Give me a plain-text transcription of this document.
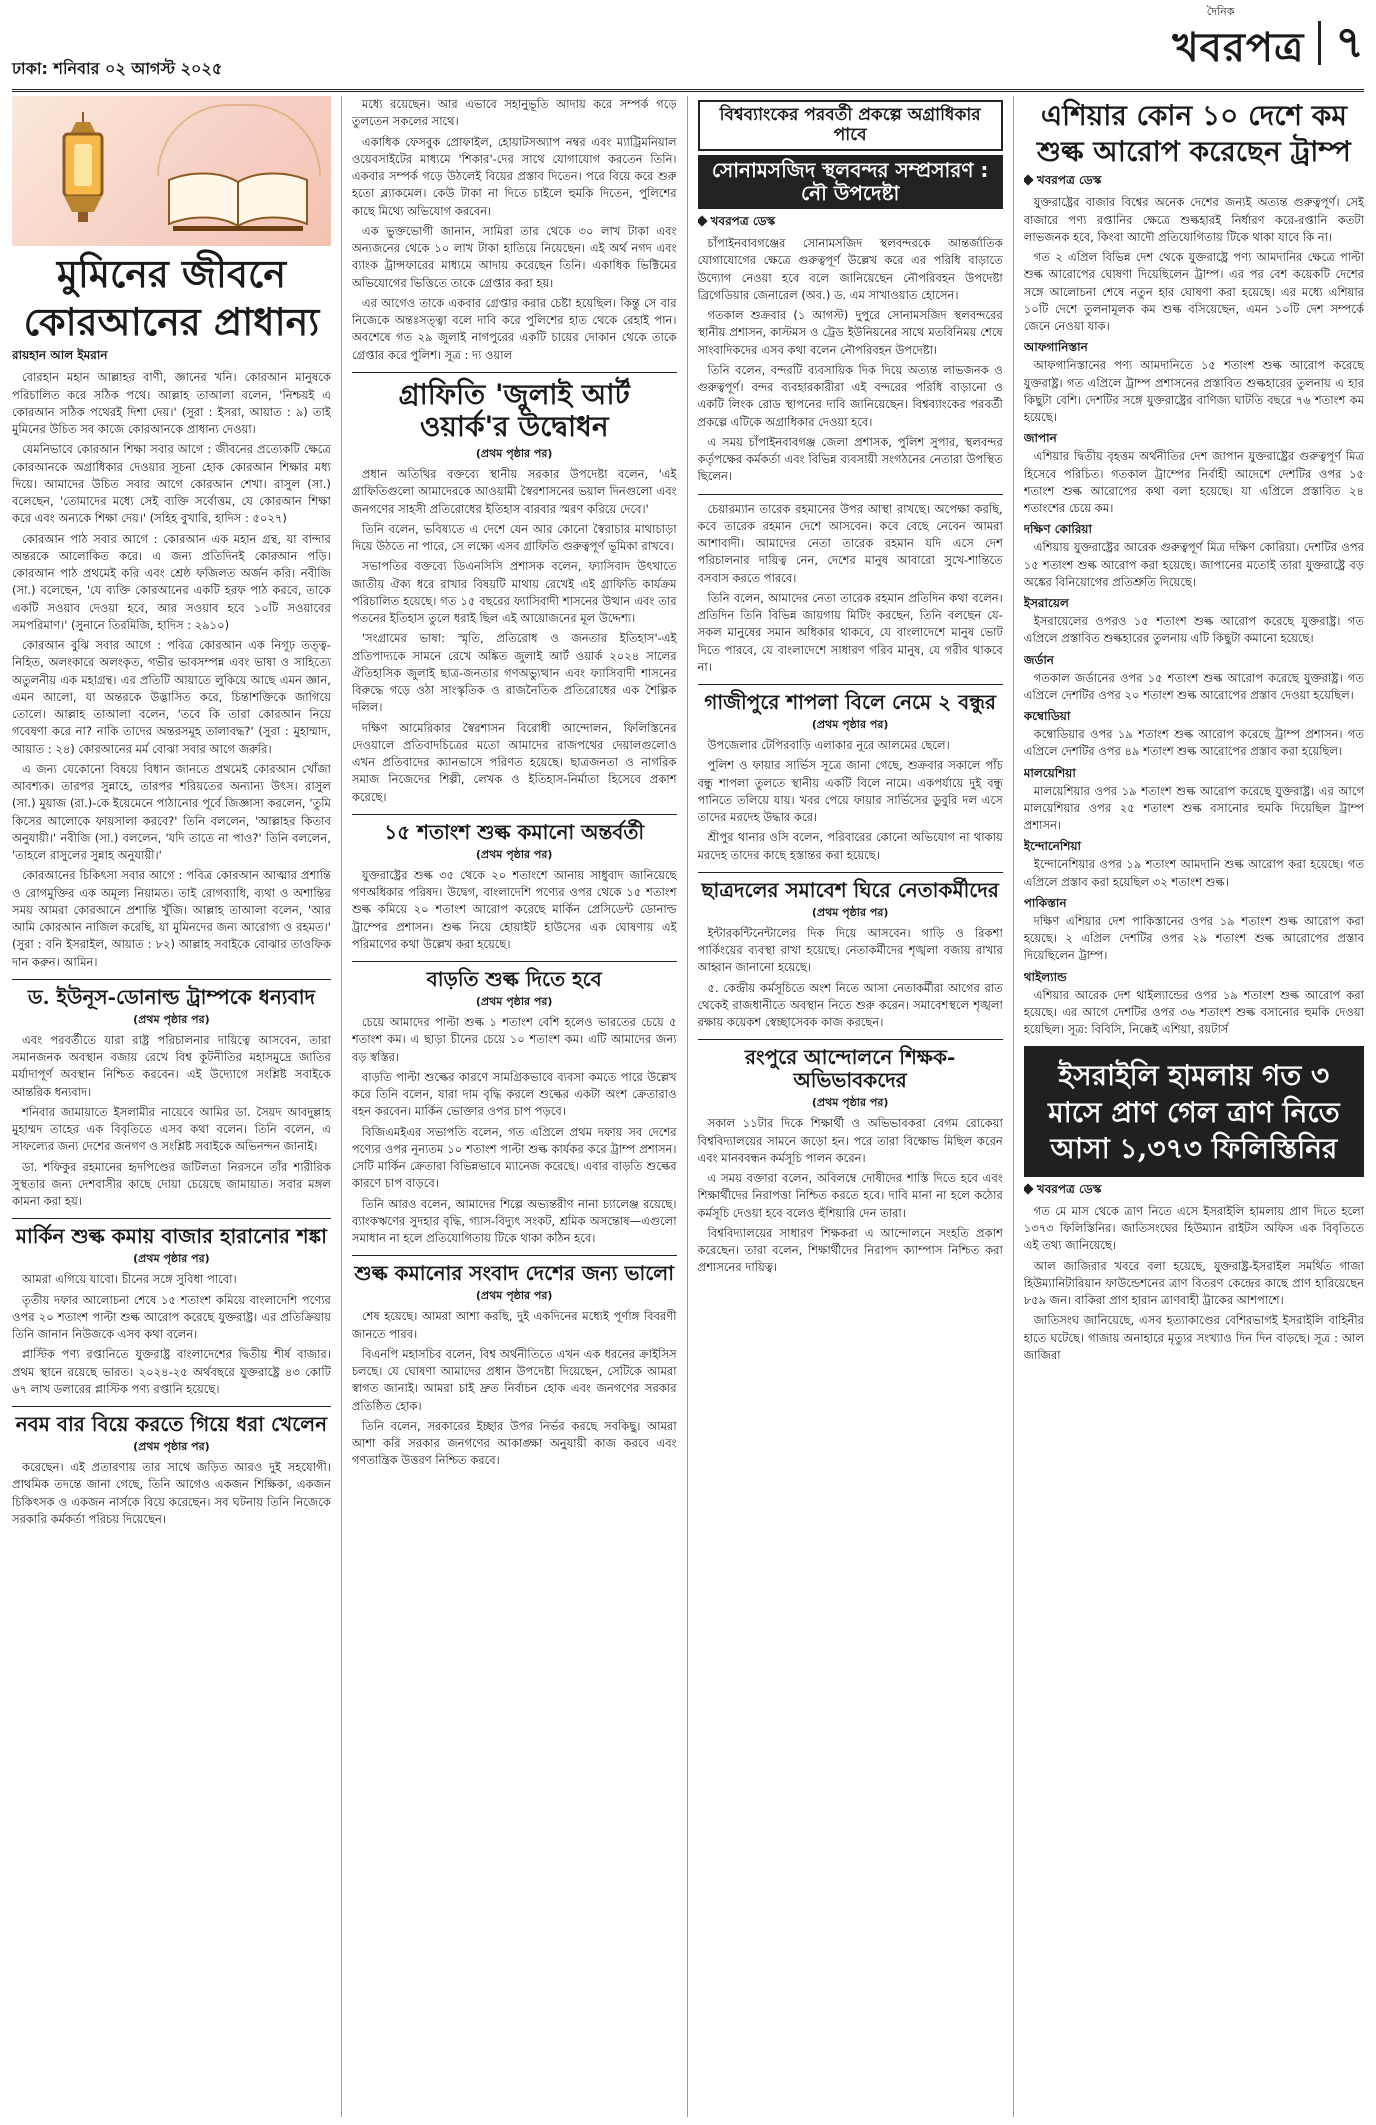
ঢাকা: শনিবার ০২ আগস্ট ২০২৫
দৈনিক
খবরপত্র ৭
মুমিনের জীবনে
কোরআনের প্রাধান্য
রায়হান আল ইমরান

বোরহান মহান আল্লাহর বাণী, জ্ঞানের খনি। কোরআন মানুষকে পরিচালিত করে সঠিক পথে। আল্লাহ তাআলা বলেন, 'নিশ্চয়ই এ কোরআন সঠিক পথেরই দিশা দেয়।' (সুরা : ইসরা, আয়াত : ৯) তাই মুমিনের উচিত সব কাজে কোরআনকে প্রাধান্য দেওয়া।

যেমনিভাবে কোরআন শিক্ষা সবার আগে : জীবনের প্রত্যেকটি ক্ষেত্রে কোরআনকে অগ্রাধিকার দেওয়ার সূচনা হোক কোরআন শিক্ষার মধ্য দিয়ে। আমাদের উচিত সবার আগে কোরআন শেখা। রাসুল (সা.) বলেছেন, 'তোমাদের মধ্যে সেই ব্যক্তি সর্বোত্তম, যে কোরআন শিক্ষা করে এবং অন্যকে শিক্ষা দেয়।' (সহিহ বুখারি, হাদিস : ৫০২৭)

কোরআন পাঠ সবার আগে : কোরআন এক মহান গ্রন্থ, যা বান্দার অন্তরকে আলোকিত করে। এ জন্য প্রতিদিনই কোরআন পড়ি। কোরআন পাঠ প্রথমেই করি এবং শ্রেষ্ঠ ফজিলত অর্জন করি। নবীজি (সা.) বলেছেন, 'যে ব্যক্তি কোরআনের একটি হরফ পাঠ করবে, তাকে একটি সওয়াব দেওয়া হবে, আর সওয়াব হবে ১০টি সওয়াবের সমপরিমাণ।' (সুনানে তিরমিজি, হাদিস : ২৯১০)

কোরআন বুঝি সবার আগে : পবিত্র কোরআন এক নিগূঢ় তত্ত্ব-নিহিত, অলংকারে অলংকৃত, গভীর ভাবসম্পন্ন এবং ভাষা ও সাহিত্যে অতুলনীয় এক মহাগ্রন্থ। এর প্রতিটি আয়াতে লুকিয়ে আছে এমন জ্ঞান, এমন আলো, যা অন্তরকে উদ্ভাসিত করে, চিন্তাশক্তিকে জাগিয়ে তোলে। আল্লাহ তাআলা বলেন, 'তবে কি তারা কোরআন নিয়ে গবেষণা করে না? নাকি তাদের অন্তরসমূহ তালাবদ্ধ?' (সুরা : মুহাম্মাদ, আয়াত : ২৪) কোরআনের মর্ম বোঝা সবার আগে জরুরি।

এ জন্য যেকোনো বিষয়ে বিধান জানতে প্রথমেই কোরআন খোঁজা আবশ্যক। তারপর সুন্নাহে, তারপর শরিয়তের অন্যান্য উৎস। রাসুল (সা.) মুয়াজ (রা.)-কে ইয়েমেনে পাঠানোর পূর্বে জিজ্ঞাসা করলেন, 'তুমি কিসের আলোকে ফায়সালা করবে?' তিনি বললেন, 'আল্লাহর কিতাব অনুযায়ী।' নবীজি (সা.) বললেন, 'যদি তাতে না পাও?' তিনি বললেন, 'তাহলে রাসুলের সুন্নাহ অনুযায়ী।'

কোরআনের চিকিৎসা সবার আগে : পবিত্র কোরআন আত্মার প্রশান্তি ও রোগমুক্তির এক অমূল্য নিয়ামত। তাই রোগব্যাধি, ব্যথা ও অশান্তির সময় আমরা কোরআনে প্রশান্তি খুঁজি। আল্লাহ তাআলা বলেন, 'আর আমি কোরআন নাজিল করেছি, যা মুমিনদের জন্য আরোগ্য ও রহমত।' (সুরা : বনি ইসরাইল, আয়াত : ৮২) আল্লাহ সবাইকে বোঝার তাওফিক দান করুন। আমিন।

ড. ইউনূস-ডোনাল্ড ট্রাম্পকে ধন্যবাদ
(প্রথম পৃষ্ঠার পর)

এবং পরবর্তীতে যারা রাষ্ট্র পরিচালনার দায়িত্বে আসবেন, তারা সমানজনক অবস্থান বজায় রেখে বিশ্ব কূটনীতির মহাসমুদ্রে জাতির মর্যাদাপূর্ণ অবস্থান নিশ্চিত করবেন। এই উদ্যোগে সংশ্লিষ্ট সবাইকে আন্তরিক ধন্যবাদ।

শনিবার জামায়াতে ইসলামীর নায়েবে আমির ডা. সৈয়দ আবদুল্লাহ মুহাম্মদ তাহের এক বিবৃতিতে এসব কথা বলেন। তিনি বলেন, এ সাফল্যের জন্য দেশের জনগণ ও সংশ্লিষ্ট সবাইকে অভিনন্দন জানাই।

ডা. শফিকুর রহমানের হৃদপিণ্ডের জটিলতা নিরসনে তাঁর শারীরিক সুস্থতার জন্য দেশবাসীর কাছে দোয়া চেয়েছে জামায়াত। সবার মঙ্গল কামনা করা হয়।

মার্কিন শুল্ক কমায় বাজার হারানোর শঙ্কা
(প্রথম পৃষ্ঠার পর)

আমরা এগিয়ে যাবো। চীনের সঙ্গে সুবিধা পাবো।

তৃতীয় দফার আলোচনা শেষে ১৫ শতাংশ কমিয়ে বাংলাদেশি পণ্যের ওপর ২০ শতাংশ পাল্টা শুল্ক আরোপ করেছে যুক্তরাষ্ট্র। এর প্রতিক্রিয়ায় তিনি জানান নিউজকে এসব কথা বলেন।

প্লাস্টিক পণ্য রপ্তানিতে যুক্তরাষ্ট্র বাংলাদেশের দ্বিতীয় শীর্ষ বাজার। প্রথম স্থানে রয়েছে ভারত। ২০২৪-২৫ অর্থবছরে যুক্তরাষ্ট্রে ৪৩ কোটি ৬৭ লাখ ডলারের প্লাস্টিক পণ্য রপ্তানি হয়েছে।

নবম বার বিয়ে করতে গিয়ে ধরা খেলেন
(প্রথম পৃষ্ঠার পর)

করেছেন। এই প্রতারণায় তার সাথে জড়িত আরও দুই সহযোগী। প্রাথমিক তদন্তে জানা গেছে, তিনি আগেও একজন শিক্ষিকা, একজন চিকিৎসক ও একজন নার্সকে বিয়ে করেছেন। সব ঘটনায় তিনি নিজেকে সরকারি কর্মকর্তা পরিচয় দিয়েছেন।

মধ্যে রয়েছেন। আর এভাবে সহানুভূতি আদায় করে সম্পর্ক গড়ে তুলতেন সকলের সাথে।

একাধিক ফেসবুক প্রোফাইল, হোয়াটসঅ্যাপ নম্বর এবং ম্যাট্রিমনিয়াল ওয়েবসাইটের মাধ্যমে 'শিকার'-দের সাথে যোগাযোগ করতেন তিনি। একবার সম্পর্ক গড়ে উঠলেই বিয়ের প্রস্তাব দিতেন। পরে বিয়ে করে শুরু হতো ব্ল্যাকমেল। কেউ টাকা না দিতে চাইলে হুমকি দিতেন, পুলিশের কাছে মিথ্যে অভিযোগ করবেন।

এক ভুক্তভোগী জানান, সামিরা তার থেকে ৩০ লাখ টাকা এবং অন্যজনের থেকে ১০ লাখ টাকা হাতিয়ে নিয়েছেন। এই অর্থ নগদ এবং ব্যাংক ট্রান্সফারের মাধ্যমে আদায় করেছেন তিনি। একাধিক ভিক্টিমের অভিযোগের ভিত্তিতে তাকে গ্রেপ্তার করা হয়।

এর আগেও তাকে একবার গ্রেপ্তার করার চেষ্টা হয়েছিল। কিন্তু সে বার নিজেকে অন্তঃসত্ত্বা বলে দাবি করে পুলিশের হাত থেকে রেহাই পান। অবশেষে গত ২৯ জুলাই নাগপুরের একটি চায়ের দোকান থেকে তাকে গ্রেপ্তার করে পুলিশ। সূত্র : দ্য ওয়াল

গ্রাফিতি 'জুলাই আর্ট ওয়ার্ক'র উদ্বোধন
(প্রথম পৃষ্ঠার পর)

প্রধান অতিথির বক্তব্যে স্থানীয় সরকার উপদেষ্টা বলেন, 'এই গ্রাফিতিগুলো আমাদেরকে আওয়ামী স্বৈরশাসনের ভয়াল দিনগুলো এবং জনগণের সাহসী প্রতিরোধের ইতিহাস বারবার স্মরণ করিয়ে দেবে।'

তিনি বলেন, ভবিষ্যতে এ দেশে যেন আর কোনো স্বৈরাচার মাথাচাড়া দিয়ে উঠতে না পারে, সে লক্ষ্যে এসব গ্রাফিতি গুরুত্বপূর্ণ ভূমিকা রাখবে।

সভাপতির বক্তব্যে ডিএনসিসি প্রশাসক বলেন, ফ্যাসিবাদ উৎখাতে জাতীয় ঐক্য ধরে রাখার বিষয়টি মাথায় রেখেই এই গ্রাফিতি কার্যক্রম পরিচালিত হয়েছে। গত ১৫ বছরের ফ্যাসিবাদী শাসনের উত্থান এবং তার পতনের ইতিহাস তুলে ধরাই ছিল এই আয়োজনের মূল উদ্দেশ্য।

'সংগ্রামের ভাষা: স্মৃতি, প্রতিরোধ ও জনতার ইতিহাস'-এই প্রতিপাদ্যকে সামনে রেখে অঙ্কিত জুলাই আর্ট ওয়ার্ক ২০২৪ সালের ঐতিহাসিক জুলাই ছাত্র-জনতার গণঅভ্যুত্থান এবং ফ্যাসিবাদী শাসনের বিরুদ্ধে গড়ে ওঠা সাংস্কৃতিক ও রাজনৈতিক প্রতিরোধের এক শৈল্পিক দলিল।

দক্ষিণ আমেরিকার স্বৈরশাসন বিরোধী আন্দোলন, ফিলিস্তিনের দেওয়ালে প্রতিবাদচিত্রের মতো আমাদের রাজপথের দেয়ালগুলোও এখন প্রতিবাদের ক্যানভাসে পরিণত হয়েছে। ছাত্রজনতা ও নাগরিক সমাজ নিজেদের শিল্পী, লেখক ও ইতিহাস-নির্মাতা হিসেবে প্রকাশ করেছে।

১৫ শতাংশ শুল্ক কমানো অন্তর্বর্তী
(প্রথম পৃষ্ঠার পর)

যুক্তরাষ্ট্রের শুল্ক ৩৫ থেকে ২০ শতাংশে আনায় সাধুবাদ জানিয়েছে গণঅধিকার পরিষদ। উদ্বেগ, বাংলাদেশি পণ্যের ওপর থেকে ১৫ শতাংশ শুল্ক কমিয়ে ২০ শতাংশ আরোপ করেছে মার্কিন প্রেসিডেন্ট ডোনাল্ড ট্রাম্পের প্রশাসন। শুল্ক নিয়ে হোয়াইট হাউসের এক ঘোষণায় এই পরিমাণের কথা উল্লেখ করা হয়েছে।

বাড়তি শুল্ক দিতে হবে
(প্রথম পৃষ্ঠার পর)

চেয়ে আমাদের পাল্টা শুল্ক ১ শতাংশ বেশি হলেও ভারতের চেয়ে ৫ শতাংশ কম। এ ছাড়া চীনের চেয়ে ১০ শতাংশ কম। এটি আমাদের জন্য বড় স্বস্তির।

বাড়তি পাল্টা শুল্কের কারণে সামগ্রিকভাবে ব্যবসা কমতে পারে উল্লেখ করে তিনি বলেন, যারা দাম বৃদ্ধি করলে শুল্কের একটা অংশ ক্রেতারাও বহন করবেন। মার্কিন ভোক্তার ওপর চাপ পড়বে।

বিজিএমইএর সভাপতি বলেন, গত এপ্রিলে প্রথম দফায় সব দেশের পণ্যের ওপর নূন্যতম ১০ শতাংশ পাল্টা শুল্ক কার্যকর করে ট্রাম্প প্রশাসন। সেটি মার্কিন ক্রেতারা বিভিন্নভাবে ম্যানেজ করেছে। এবার বাড়তি শুল্কের কারণে চাপ বাড়বে।

তিনি আরও বলেন, আমাদের শিল্পে অভ্যন্তরীণ নানা চ্যালেঞ্জ রয়েছে। ব্যাংকঋণের সুদহার বৃদ্ধি, গ্যাস-বিদ্যুৎ সংকট, শ্রমিক অসন্তোষ—এগুলো সমাধান না হলে প্রতিযোগিতায় টিকে থাকা কঠিন হবে।

শুল্ক কমানোর সংবাদ দেশের জন্য ভালো
(প্রথম পৃষ্ঠার পর)

শেষ হয়েছে। আমরা আশা করছি, দুই একদিনের মধ্যেই পূর্ণাঙ্গ বিবরণী জানতে পারব।

বিএনপি মহাসচিব বলেন, বিশ্ব অর্থনীতিতে এখন এক ধরনের ক্রাইসিস চলছে। যে ঘোষণা আমাদের প্রধান উপদেষ্টা দিয়েছেন, সেটিকে আমরা স্বাগত জানাই। আমরা চাই দ্রুত নির্বাচন হোক এবং জনগণের সরকার প্রতিষ্ঠিত হোক।

তিনি বলেন, সরকারের ইচ্ছার উপর নির্ভর করছে সবকিছু। আমরা আশা করি সরকার জনগণের আকাঙ্ক্ষা অনুযায়ী কাজ করবে এবং গণতান্ত্রিক উত্তরণ নিশ্চিত করবে।

বিশ্বব্যাংকের পরবর্তী প্রকল্পে অগ্রাধিকার পাবে
সোনামসজিদ স্থলবন্দর সম্প্রসারণ : নৌ উপদেষ্টা
খবরপত্র ডেস্ক

চাঁপাইনবাবগঞ্জের সোনামসজিদ স্থলবন্দরকে আন্তর্জাতিক যোগাযোগের ক্ষেত্রে গুরুত্বপূর্ণ উল্লেখ করে এর পরিধি বাড়াতে উদ্যোগ নেওয়া হবে বলে জানিয়েছেন নৌপরিবহন উপদেষ্টা ব্রিগেডিয়ার জেনারেল (অব.) ড. এম সাখাওয়াত হোসেন।

গতকাল শুক্রবার (১ আগস্ট) দুপুরে সোনামসজিদ স্থলবন্দরের স্থানীয় প্রশাসন, কাস্টমস ও ট্রেড ইউনিয়নের সাথে মতবিনিময় শেষে সাংবাদিকদের এসব কথা বলেন নৌপরিবহন উপদেষ্টা।

তিনি বলেন, বন্দরটি ব্যবসায়িক দিক দিয়ে অত্যন্ত লাভজনক ও গুরুত্বপূর্ণ। বন্দর ব্যবহারকারীরা এই বন্দরের পরিধি বাড়ানো ও একটি লিংক রোড স্থাপনের দাবি জানিয়েছেন। বিশ্বব্যাংকের পরবর্তী প্রকল্পে এটিকে অগ্রাধিকার দেওয়া হবে।

এ সময় চাঁপাইনবাবগঞ্জ জেলা প্রশাসক, পুলিশ সুপার, স্থলবন্দর কর্তৃপক্ষের কর্মকর্তা এবং বিভিন্ন ব্যবসায়ী সংগঠনের নেতারা উপস্থিত ছিলেন।

চেয়ারম্যান তারেক রহমানের উপর আস্থা রাখছে। অপেক্ষা করছি, কবে তারেক রহমান দেশে আসবেন। কবে বেছে নেবেন আমরা আশাবাদী। আমাদের নেতা তারেক রহমান যদি এসে দেশ পরিচালনার দায়িত্ব নেন, দেশের মানুষ আবারো সুখে-শান্তিতে বসবাস করতে পারবে।

তিনি বলেন, আমাদের নেতা তারেক রহমান প্রতিদিন কথা বলেন। প্রতিদিন তিনি বিভিন্ন জায়গায় মিটিং করছেন, তিনি বলছেন যে-সকল মানুষের সমান অধিকার থাকবে, যে বাংলাদেশে মানুষ ভোট দিতে পারবে, যে বাংলাদেশে সাধারণ গরিব মানুষ, যে গরীব থাকবে না।

গাজীপুরে শাপলা বিলে নেমে ২ বন্ধুর
(প্রথম পৃষ্ঠার পর)

উপজেলার টেপিরবাড়ি এলাকার নূরে আলমের ছেলে।

পুলিশ ও ফায়ার সার্ভিস সূত্রে জানা গেছে, শুক্রবার সকালে পাঁচ বন্ধু শাপলা তুলতে স্থানীয় একটি বিলে নামে। একপর্যায়ে দুই বন্ধু পানিতে তলিয়ে যায়। খবর পেয়ে ফায়ার সার্ভিসের ডুবুরি দল এসে তাদের মরদেহ উদ্ধার করে।

শ্রীপুর থানার ওসি বলেন, পরিবারের কোনো অভিযোগ না থাকায় মরদেহ তাদের কাছে হস্তান্তর করা হয়েছে।

ছাত্রদলের সমাবেশ ঘিরে নেতাকর্মীদের
(প্রথম পৃষ্ঠার পর)

ইন্টারকন্টিনেন্টালের দিক দিয়ে আসবেন। গাড়ি ও রিকশা পার্কিংয়ের ব্যবস্থা রাখা হয়েছে। নেতাকর্মীদের শৃঙ্খলা বজায় রাখার আহ্বান জানানো হয়েছে।

৫. কেন্দ্রীয় কর্মসূচিতে অংশ নিতে আসা নেতাকর্মীরা আগের রাত থেকেই রাজধানীতে অবস্থান নিতে শুরু করেন। সমাবেশস্থলে শৃঙ্খলা রক্ষায় কয়েকশ স্বেচ্ছাসেবক কাজ করছেন।

রংপুরে আন্দোলনে শিক্ষক-অভিভাবকদের
(প্রথম পৃষ্ঠার পর)

সকাল ১১টার দিকে শিক্ষার্থী ও অভিভাবকরা বেগম রোকেয়া বিশ্ববিদ্যালয়ের সামনে জড়ো হন। পরে তারা বিক্ষোভ মিছিল করেন এবং মানববন্ধন কর্মসূচি পালন করেন।

এ সময় বক্তারা বলেন, অবিলম্বে দোষীদের শাস্তি দিতে হবে এবং শিক্ষার্থীদের নিরাপত্তা নিশ্চিত করতে হবে। দাবি মানা না হলে কঠোর কর্মসূচি দেওয়া হবে বলেও হুঁশিয়ারি দেন তারা।

বিশ্ববিদ্যালয়ের সাধারণ শিক্ষকরা এ আন্দোলনে সংহতি প্রকাশ করেছেন। তারা বলেন, শিক্ষার্থীদের নিরাপদ ক্যাম্পাস নিশ্চিত করা প্রশাসনের দায়িত্ব।

এশিয়ার কোন ১০ দেশে কম
শুল্ক আরোপ করেছেন ট্রাম্প
খবরপত্র ডেস্ক

যুক্তরাষ্ট্রের বাজার বিশ্বের অনেক দেশের জন্যই অত্যন্ত গুরুত্বপূর্ণ। সেই বাজারে পণ্য রপ্তানির ক্ষেত্রে শুল্কহারই নির্ধারণ করে-রপ্তানি কতটা লাভজনক হবে, কিংবা আদৌ প্রতিযোগিতায় টিকে থাকা যাবে কি না।

গত ২ এপ্রিল বিভিন্ন দেশ থেকে যুক্তরাষ্ট্রে পণ্য আমদানির ক্ষেত্রে পাল্টা শুল্ক আরোপের ঘোষণা দিয়েছিলেন ট্রাম্প। এর পর বেশ কয়েকটি দেশের সঙ্গে আলোচনা শেষে নতুন হার ঘোষণা করা হয়েছে। এর মধ্যে এশিয়ার ১০টি দেশে তুলনামূলক কম শুল্ক বসিয়েছেন, এমন ১০টি দেশ সম্পর্কে জেনে নেওয়া যাক।

আফগানিস্তান

আফগানিস্তানের পণ্য আমদানিতে ১৫ শতাংশ শুল্ক আরোপ করেছে যুক্তরাষ্ট্র। গত এপ্রিলে ট্রাম্প প্রশাসনের প্রস্তাবিত শুল্কহারের তুলনায় এ হার কিছুটা বেশি। দেশটির সঙ্গে যুক্তরাষ্ট্রের বাণিজ্য ঘাটতি বছরে ৭৬ শতাংশ কম হয়েছে।

জাপান

এশিয়ার দ্বিতীয় বৃহত্তম অর্থনীতির দেশ জাপান যুক্তরাষ্ট্রের গুরুত্বপূর্ণ মিত্র হিসেবে পরিচিত। গতকাল ট্রাম্পের নির্বাহী আদেশে দেশটির ওপর ১৫ শতাংশ শুল্ক আরোপের কথা বলা হয়েছে। যা এপ্রিলে প্রস্তাবিত ২৪ শতাংশের চেয়ে কম।

দক্ষিণ কোরিয়া

এশিয়ায় যুক্তরাষ্ট্রের আরেক গুরুত্বপূর্ণ মিত্র দক্ষিণ কোরিয়া। দেশটির ওপর ১৫ শতাংশ শুল্ক আরোপ করা হয়েছে। জাপানের মতোই তারা যুক্তরাষ্ট্রে বড় অঙ্কের বিনিয়োগের প্রতিশ্রুতি দিয়েছে।

ইসরায়েল

ইসরায়েলের ওপরও ১৫ শতাংশ শুল্ক আরোপ করেছে যুক্তরাষ্ট্র। গত এপ্রিলে প্রস্তাবিত শুল্কহারের তুলনায় এটি কিছুটা কমানো হয়েছে।

জর্ডান

গতকাল জর্ডানের ওপর ১৫ শতাংশ শুল্ক আরোপ করেছে যুক্তরাষ্ট্র। গত এপ্রিলে দেশটির ওপর ২০ শতাংশ শুল্ক আরোপের প্রস্তাব দেওয়া হয়েছিল।

কম্বোডিয়া

কম্বোডিয়ার ওপর ১৯ শতাংশ শুল্ক আরোপ করেছে ট্রাম্প প্রশাসন। গত এপ্রিলে দেশটির ওপর ৪৯ শতাংশ শুল্ক আরোপের প্রস্তাব করা হয়েছিল।

মালয়েশিয়া

মালয়েশিয়ার ওপর ১৯ শতাংশ শুল্ক আরোপ করেছে যুক্তরাষ্ট্র। এর আগে মালয়েশিয়ার ওপর ২৫ শতাংশ শুল্ক বসানোর হুমকি দিয়েছিল ট্রাম্প প্রশাসন।

ইন্দোনেশিয়া

ইন্দোনেশিয়ার ওপর ১৯ শতাংশ আমদানি শুল্ক আরোপ করা হয়েছে। গত এপ্রিলে প্রস্তাব করা হয়েছিল ৩২ শতাংশ শুল্ক।

পাকিস্তান

দক্ষিণ এশিয়ার দেশ পাকিস্তানের ওপর ১৯ শতাংশ শুল্ক আরোপ করা হয়েছে। ২ এপ্রিল দেশটির ওপর ২৯ শতাংশ শুল্ক আরোপের প্রস্তাব দিয়েছিলেন ট্রাম্প।

থাইল্যান্ড

এশিয়ার আরেক দেশ থাইল্যান্ডের ওপর ১৯ শতাংশ শুল্ক আরোপ করা হয়েছে। এর আগে দেশটির ওপর ৩৬ শতাংশ শুল্ক বসানোর হুমকি দেওয়া হয়েছিল। সূত্র: বিবিসি, নিক্কেই এশিয়া, রয়টার্স

ইসরাইলি হামলায় গত ৩
মাসে প্রাণ গেল ত্রাণ নিতে
আসা ১,৩৭৩ ফিলিস্তিনির
খবরপত্র ডেস্ক

গত মে মাস থেকে ত্রাণ নিতে এসে ইসরাইলি হামলায় প্রাণ দিতে হলো ১৩৭৩ ফিলিস্তিনির। জাতিসংঘের হিউম্যান রাইটস অফিস এক বিবৃতিতে এই তথ্য জানিয়েছে।

আল জাজিরার খবরে বলা হয়েছে, যুক্তরাষ্ট্র-ইসরাইল সমর্থিত গাজা হিউম্যানিটারিয়ান ফাউন্ডেশনের ত্রাণ বিতরণ কেন্দ্রের কাছে প্রাণ হারিয়েছেন ৮৫৯ জন। বাকিরা প্রাণ হারান ত্রাণবাহী ট্রাকের আশপাশে।

জাতিসংঘ জানিয়েছে, এসব হত্যাকাণ্ডের বেশিরভাগই ইসরাইলি বাহিনীর হাতে ঘটেছে। গাজায় অনাহারে মৃত্যুর সংখ্যাও দিন দিন বাড়ছে। সূত্র : আল জাজিরা
